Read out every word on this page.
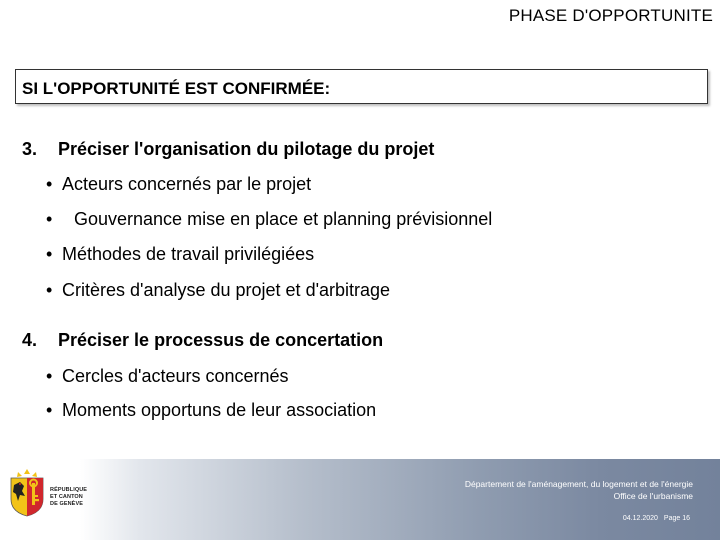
PHASE D'OPPORTUNITE
SI L'OPPORTUNITÉ EST CONFIRMÉE:
3. Préciser l'organisation du pilotage du projet
• Acteurs concernés par le projet
• Gouvernance mise en place et planning prévisionnel
• Méthodes de travail privilégiées
• Critères d'analyse du projet et d'arbitrage
4. Préciser le processus de concertation
• Cercles d'acteurs concernés
• Moments opportuns de leur association
RÉPUBLIQUE
ET CANTON
DE GENÈVE
Département de l'aménagement, du logement et de l'énergie
Office de l'urbanisme
04.12.2020 Page 16
